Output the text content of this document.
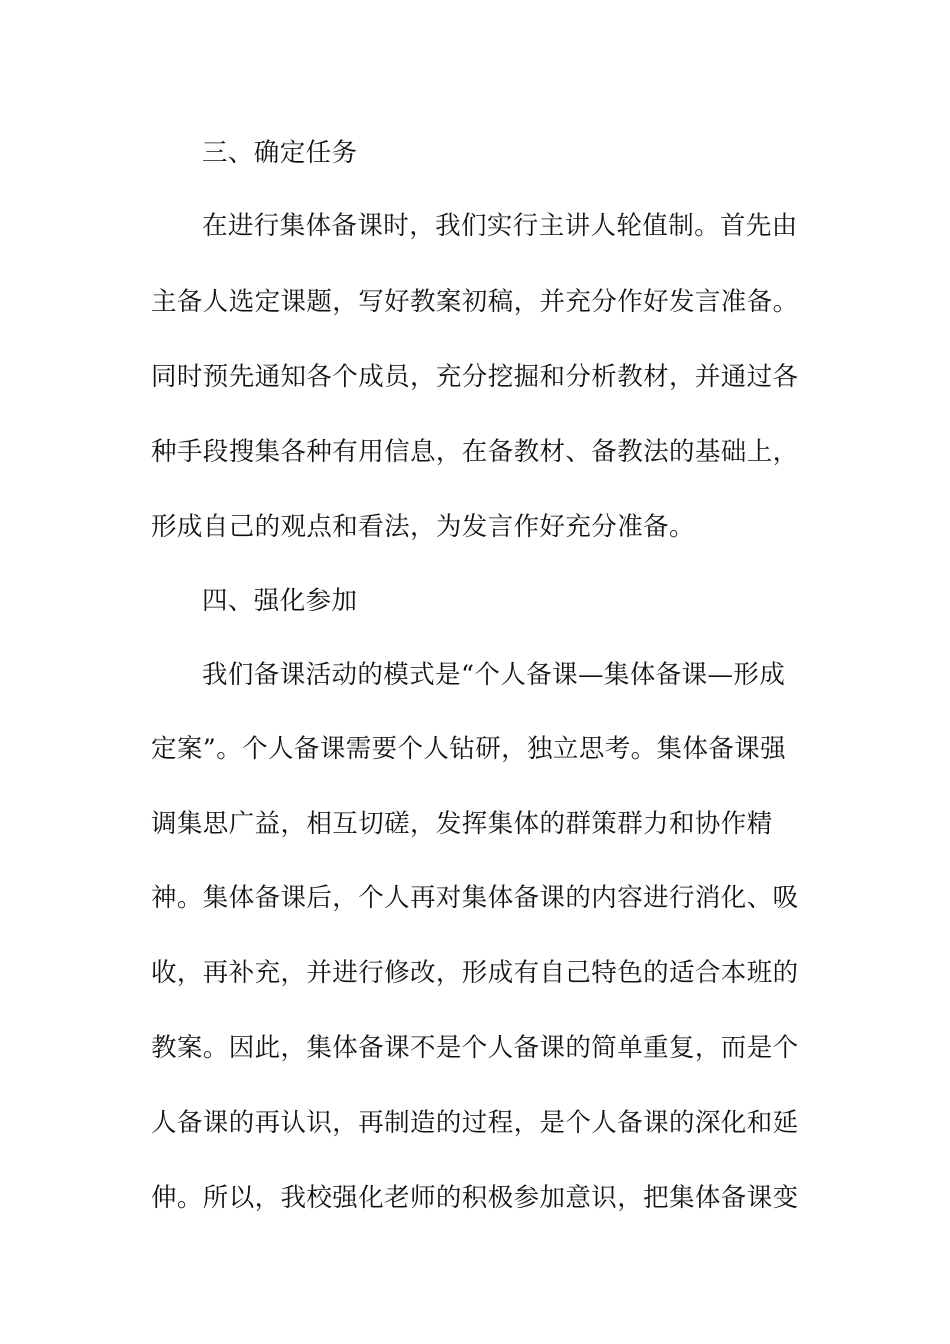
三、确定任务
在进行集体备课时，我们实行主讲人轮值制。首先由
主备人选定课题，写好教案初稿，并充分作好发言准备。
同时预先通知各个成员，充分挖掘和分析教材，并通过各
种手段搜集各种有用信息，在备教材、备教法的基础上，
形成自己的观点和看法，为发言作好充分准备。
四、强化参加
我们备课活动的模式是“个人备课—集体备课—形成
定案”。个人备课需要个人钻研，独立思考。集体备课强
调集思广益，相互切磋，发挥集体的群策群力和协作精
神。集体备课后，个人再对集体备课的内容进行消化、吸
收，再补充，并进行修改，形成有自己特色的适合本班的
教案。因此，集体备课不是个人备课的简单重复，而是个
人备课的再认识，再制造的过程，是个人备课的深化和延
伸。所以，我校强化老师的积极参加意识，把集体备课变
